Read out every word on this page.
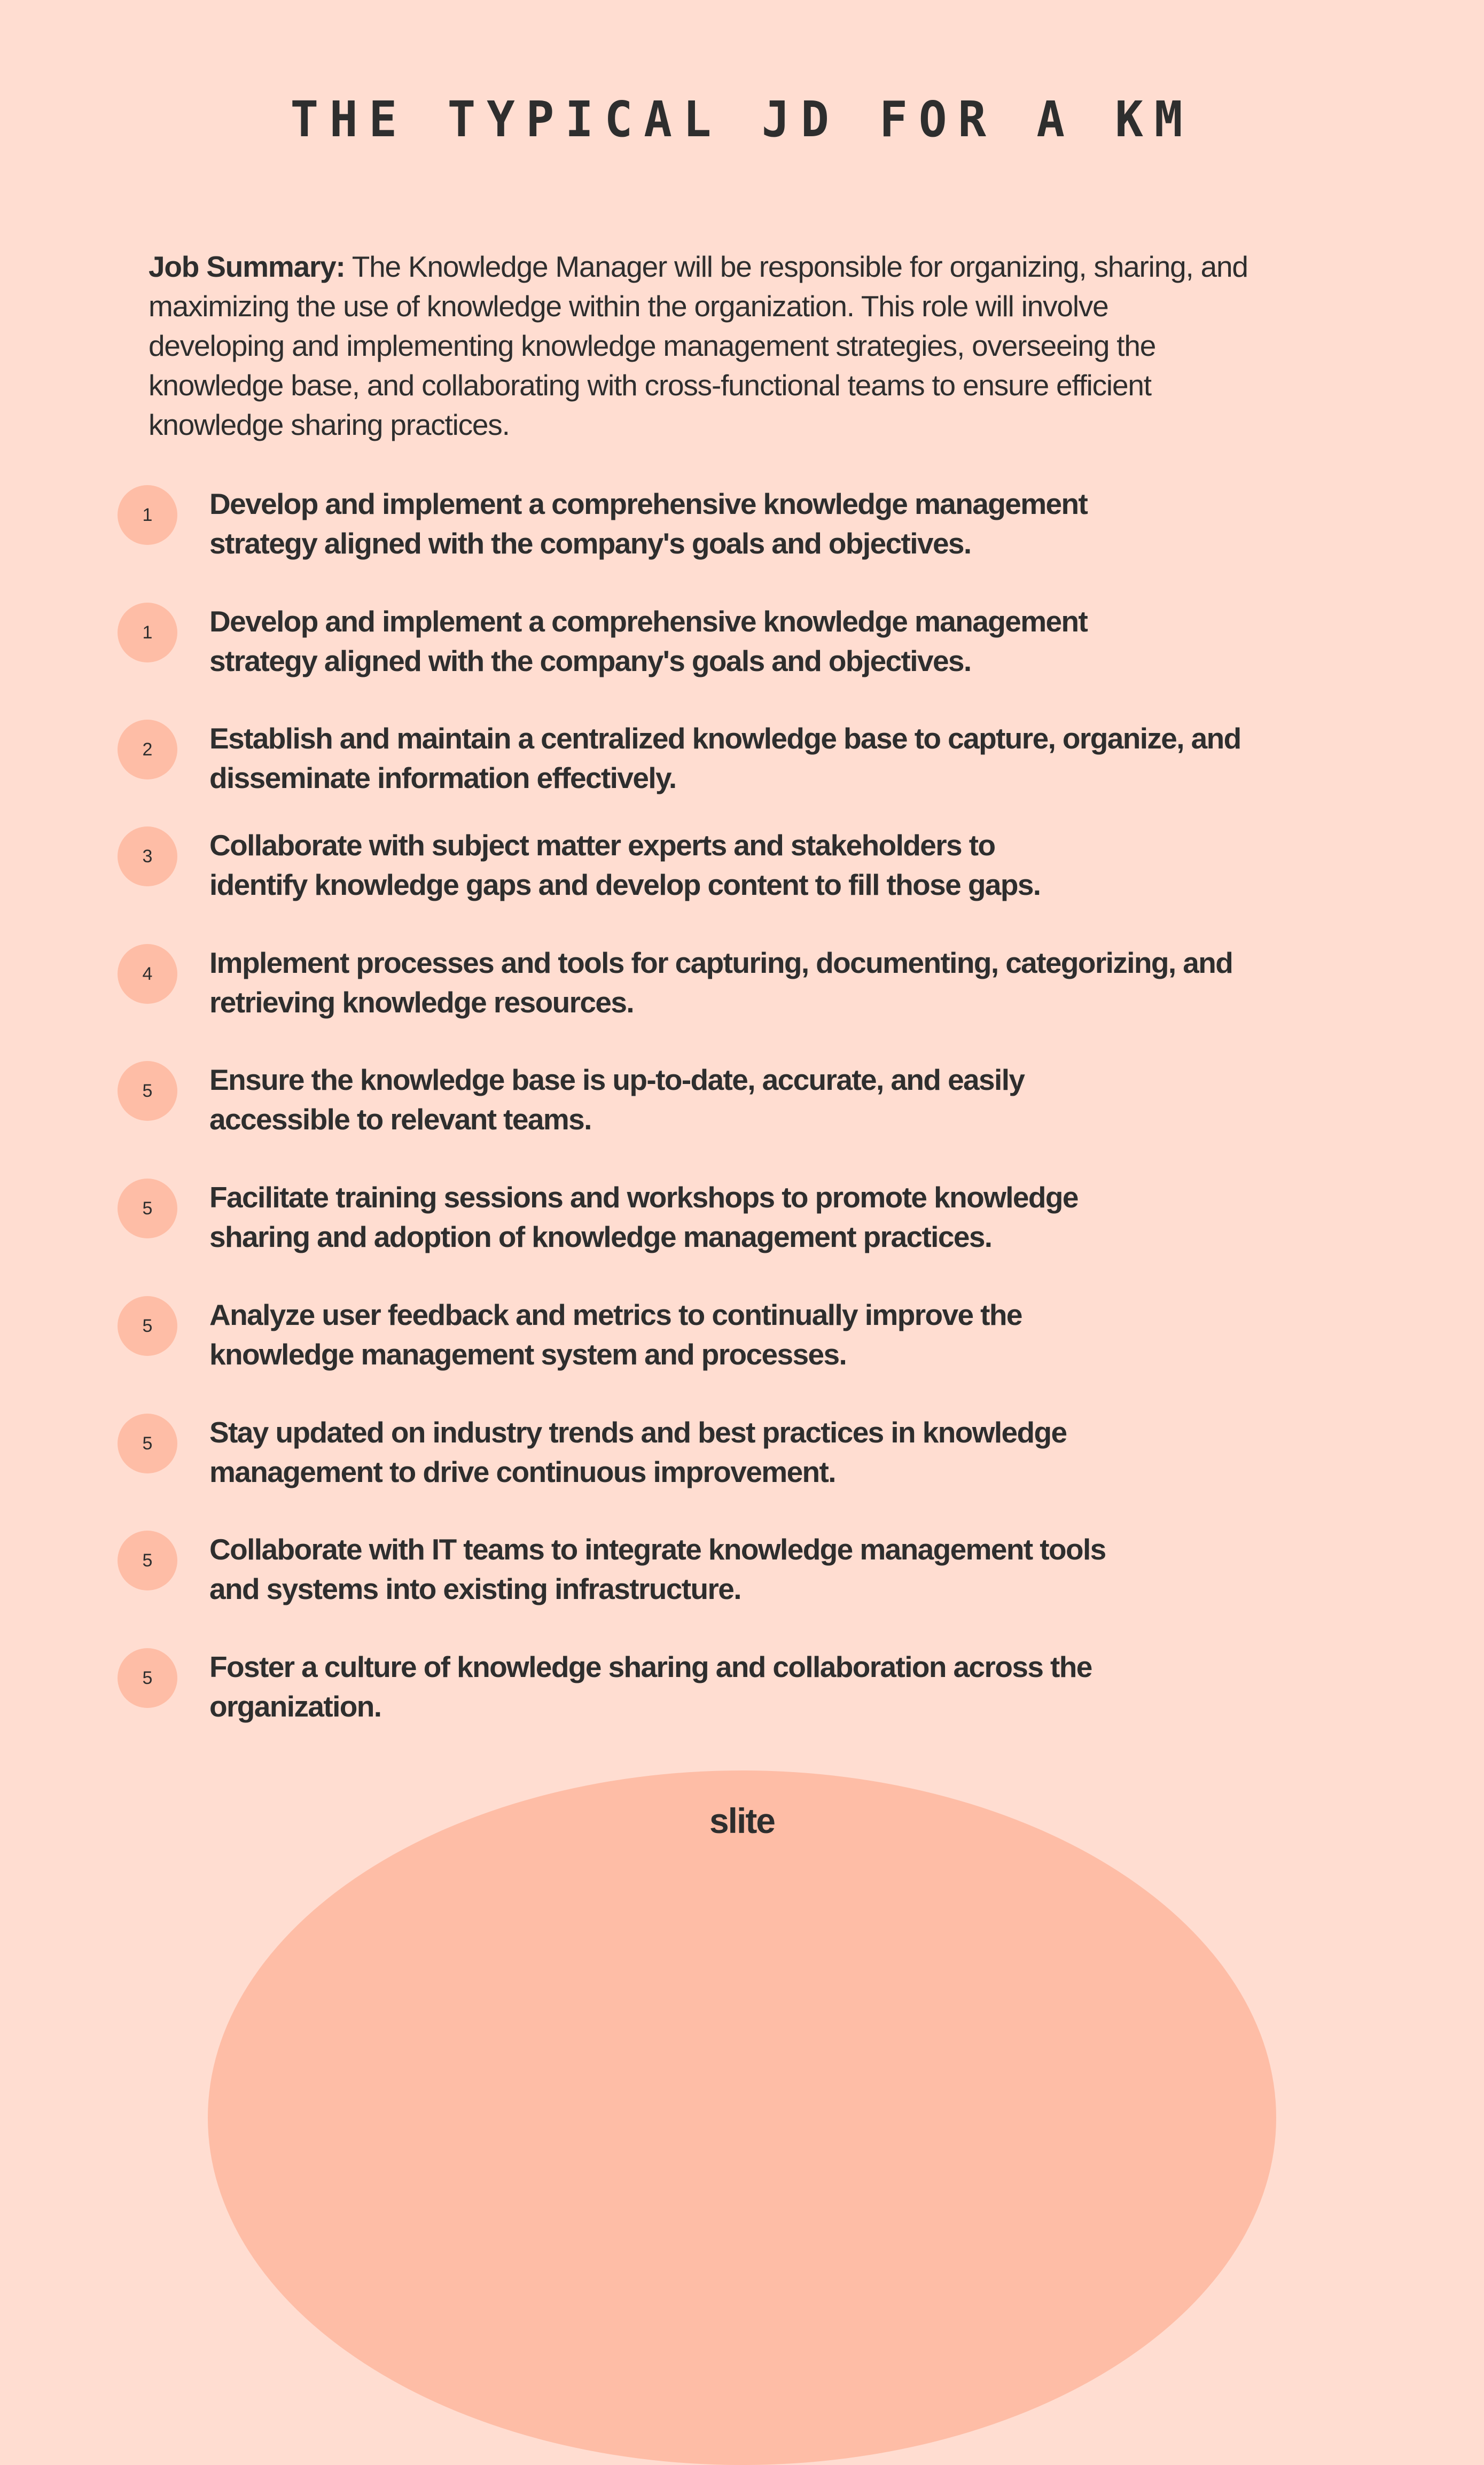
THE TYPICAL JD FOR A KM
Job Summary: The Knowledge Manager will be responsible for organizing, sharing, and
maximizing the use of knowledge within the organization. This role will involve
developing and implementing knowledge management strategies, overseeing the
knowledge base, and collaborating with cross-functional teams to ensure efficient
knowledge sharing practices.
1	Develop and implement a comprehensive knowledge management
strategy aligned with the company's goals and objectives.
1	Develop and implement a comprehensive knowledge management
strategy aligned with the company's goals and objectives.
2	Establish and maintain a centralized knowledge base to capture, organize, and
disseminate information effectively.
3	Collaborate with subject matter experts and stakeholders to
identify knowledge gaps and develop content to fill those gaps.
4	Implement processes and tools for capturing, documenting, categorizing, and
retrieving knowledge resources.
5	Ensure the knowledge base is up-to-date, accurate, and easily
accessible to relevant teams.
5	Facilitate training sessions and workshops to promote knowledge
sharing and adoption of knowledge management practices.
5	Analyze user feedback and metrics to continually improve the
knowledge management system and processes.
5	Stay updated on industry trends and best practices in knowledge
management to drive continuous improvement.
5	Collaborate with IT teams to integrate knowledge management tools
and systems into existing infrastructure.
5	Foster a culture of knowledge sharing and collaboration across the
organization.
slite
